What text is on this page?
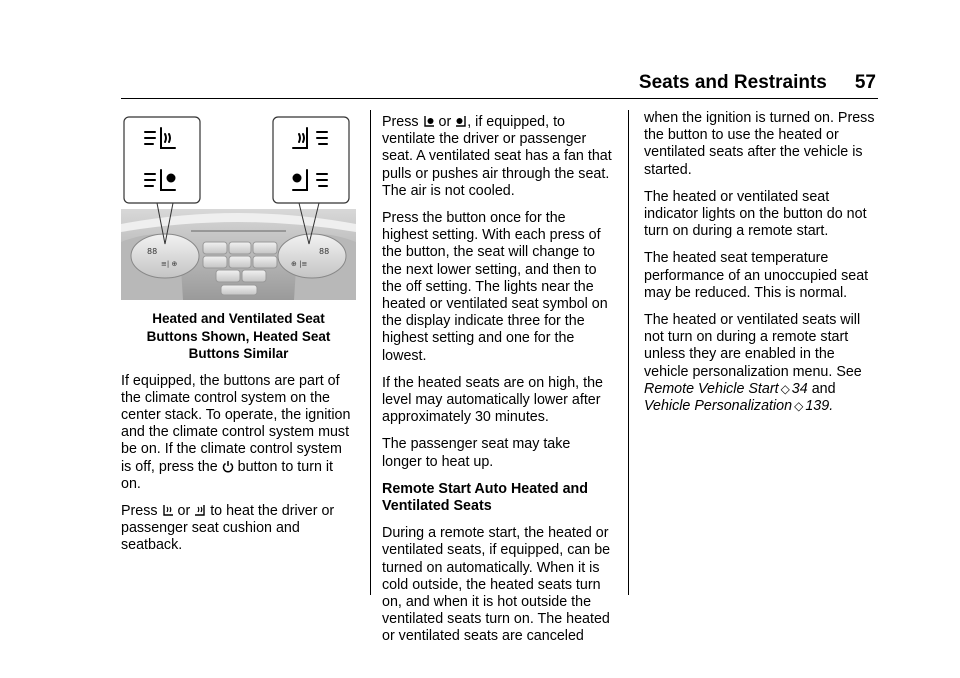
Seats and Restraints 57
88	88
≡| ⊕	⊕ |≡

Heated and Ventilated Seat
Buttons Shown, Heated Seat
Buttons Similar

If equipped, the buttons are part of the climate control system on the center stack. To operate, the ignition and the climate control system must be on. If the climate control system is off, press the button to turn it on.

Press or to heat the driver or passenger seat cushion and seatback.

Press or , if equipped, to ventilate the driver or passenger seat. A ventilated seat has a fan that pulls or pushes air through the seat. The air is not cooled.

Press the button once for the highest setting. With each press of the button, the seat will change to the next lower setting, and then to the off setting. The lights near the heated or ventilated seat symbol on the display indicate three for the highest setting and one for the lowest.

If the heated seats are on high, the level may automatically lower after approximately 30 minutes.

The passenger seat may take longer to heat up.

Remote Start Auto Heated and Ventilated Seats

During a remote start, the heated or ventilated seats, if equipped, can be turned on automatically. When it is cold outside, the heated seats turn on, and when it is hot outside the ventilated seats turn on. The heated or ventilated seats are canceled

when the ignition is turned on. Press the button to use the heated or ventilated seats after the vehicle is started.

The heated or ventilated seat indicator lights on the button do not turn on during a remote start.

The heated seat temperature performance of an unoccupied seat may be reduced. This is normal.

The heated or ventilated seats will not turn on during a remote start unless they are enabled in the vehicle personalization menu. See Remote Vehicle Start ◇ 34 and Vehicle Personalization ◇ 139.
